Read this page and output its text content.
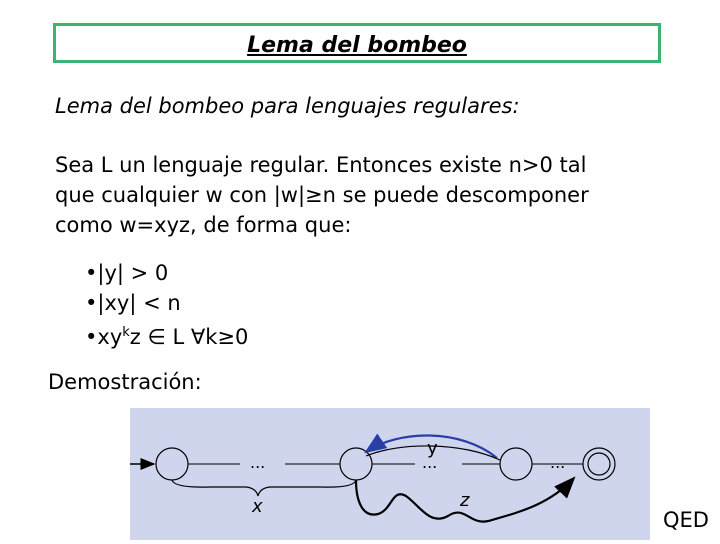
Lema del bombeo
Lema del bombeo para lenguajes regulares:
Sea L un lenguaje regular. Entonces existe n>0 tal
que cualquier w con |w|≥n se puede descomponer
como w=xyz, de forma que:
•|y| > 0
•|xy| < n
$•xy^kz$ ∈ L ∀k≥0
Demostración:
...	...	...
x
y
z
QED
